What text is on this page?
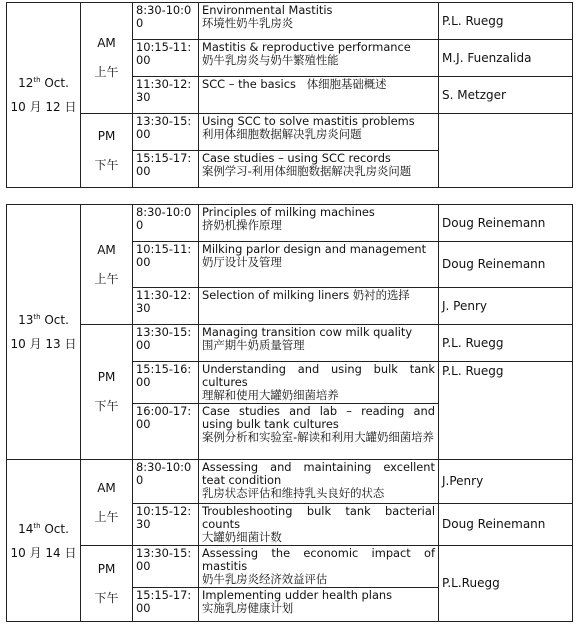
12th Oct.
10 月 12 日	AM
上午	8:30-10:00	Environmental Mastitis
环境性奶牛乳房炎	P.L. Ruegg
		10:15-11:00	Mastitis & reproductive performance
奶牛乳房炎与奶牛繁殖性能	M.J. Fuenzalida
		11:30-12:30	SCC – the basics 体细胞基础概述	S. Metzger

	PM
下午	13:30-15:00	Using SCC to solve mastitis problems
利用体细胞数据解决乳房炎问题	

		15:15-17:00	Case studies – using SCC records
案例学习-利用体细胞数据解决乳房炎问题	
13th Oct.
10 月 13 日	AM
上午	8:30-10:00	Principles of milking machines
挤奶机操作原理	Doug Reinemann
		10:15-11:00	Milking parlor design and management
奶厅设计及管理	Doug Reinemann
		11:30-12:30	Selection of milking liners 奶衬的选择	J. Penry

	PM
下午	13:30-15:00	Managing transition cow milk quality
围产期牛奶质量管理	P.L. Ruegg
		15:15-16:00	Understanding and using bulk tank cultures
理解和使用大罐奶细菌培养	P.L. Ruegg
		16:00-17:00	Case studies and lab – reading and using bulk tank cultures
案例分析和实验室-解读和利用大罐奶细菌培养	

14th Oct.
10 月 14 日	AM
上午	8:30-10:00	Assessing and maintaining excellent teat condition
乳房状态评估和维持乳头良好的状态	J.Penry
		10:15-12:30	Troubleshooting bulk tank bacterial counts
大罐奶细菌计数	Doug Reinemann

	PM
下午	13:30-15:00	Assessing the economic impact of mastitis
奶牛乳房炎经济效益评估	P.L.Ruegg
		15:15-17:00	Implementing udder health plans
实施乳房健康计划	
